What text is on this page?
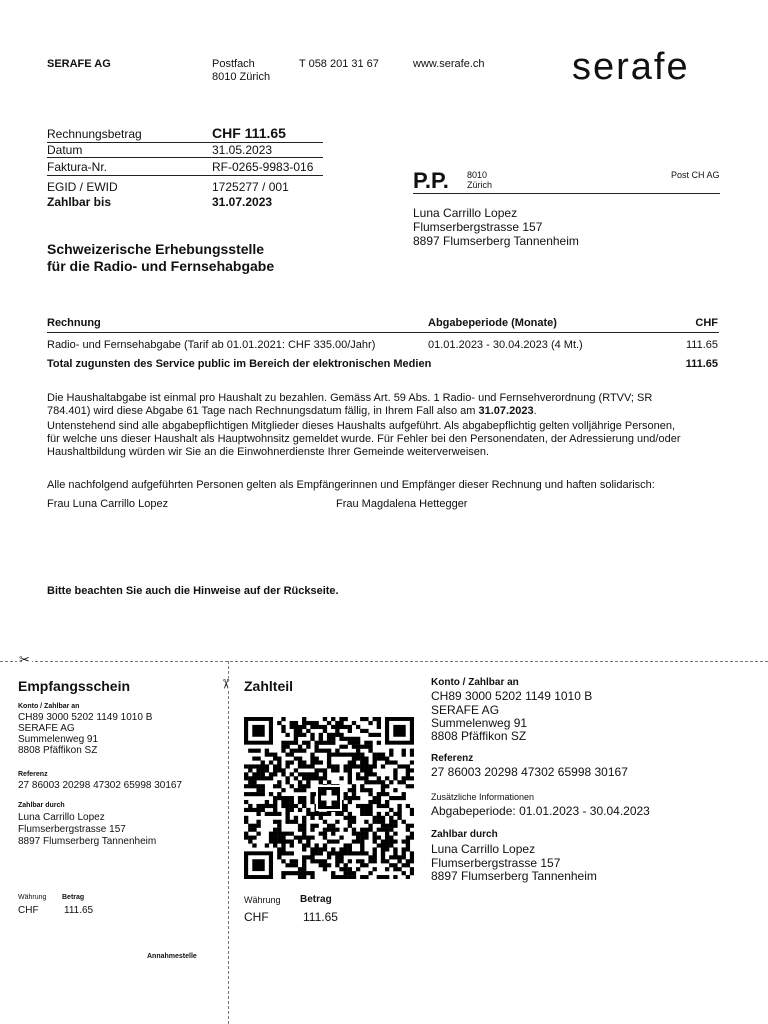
SERAFE AG	Postfach
8010 Zürich
T 058 201 31 67	www.serafe.ch serafe
Rechnungsbetrag	CHF 111.65
Datum	31.05.2023
Faktura-Nr.	RF-0265-9983-016
EGID / EWID	1725277 / 001
Zahlbar bis	31.07.2023
P.P. 8010
Zürich
Post CH AG
Luna Carrillo Lopez
Flumserbergstrasse 157
8897 Flumserberg Tannenheim
Schweizerische Erhebungsstelle
für die Radio- und Fernsehabgabe
Rechnung	Abgabeperiode (Monate)	CHF
Radio- und Fernsehabgabe (Tarif ab 01.01.2021: CHF 335.00/Jahr)	01.01.2023 - 30.04.2023 (4 Mt.)	111.65
Total zugunsten des Service public im Bereich der elektronischen Medien	111.65
Die Haushaltabgabe ist einmal pro Haushalt zu bezahlen. Gemäss Art. 59 Abs. 1 Radio- und Fernsehverordnung (RTVV; SR
784.401) wird diese Abgabe 61 Tage nach Rechnungsdatum fällig, in Ihrem Fall also am 31.07.2023.
Untenstehend sind alle abgabepflichtigen Mitglieder dieses Haushalts aufgeführt. Als abgabepflichtig gelten volljährige Personen,
für welche uns dieser Haushalt als Hauptwohnsitz gemeldet wurde. Für Fehler bei den Personendaten, der Adressierung und/oder
Haushaltbildung würden wir Sie an die Einwohnerdienste Ihrer Gemeinde weiterverweisen.
Alle nachfolgend aufgeführten Personen gelten als Empfängerinnen und Empfänger dieser Rechnung und haften solidarisch:
Frau Luna Carrillo Lopez	Frau Magdalena Hettegger
Bitte beachten Sie auch die Hinweise auf der Rückseite.
✂
✂
Empfangsschein
Konto / Zahlbar an
CH89 3000 5202 1149 1010 B
SERAFE AG
Summelenweg 91
8808 Pfäffikon SZ
Referenz
27 86003 20298 47302 65998 30167
Zahlbar durch
Luna Carrillo Lopez
Flumserbergstrasse 157
8897 Flumserberg Tannenheim
Währung Betrag
CHF	111.65
Annahmestelle
Zahlteil
Währung Betrag
CHF	111.65
Konto / Zahlbar an
CH89 3000 5202 1149 1010 B
SERAFE AG
Summelenweg 91
8808 Pfäffikon SZ
Referenz
27 86003 20298 47302 65998 30167
Zusätzliche Informationen
Abgabeperiode: 01.01.2023 - 30.04.2023
Zahlbar durch
Luna Carrillo Lopez
Flumserbergstrasse 157
8897 Flumserberg Tannenheim
